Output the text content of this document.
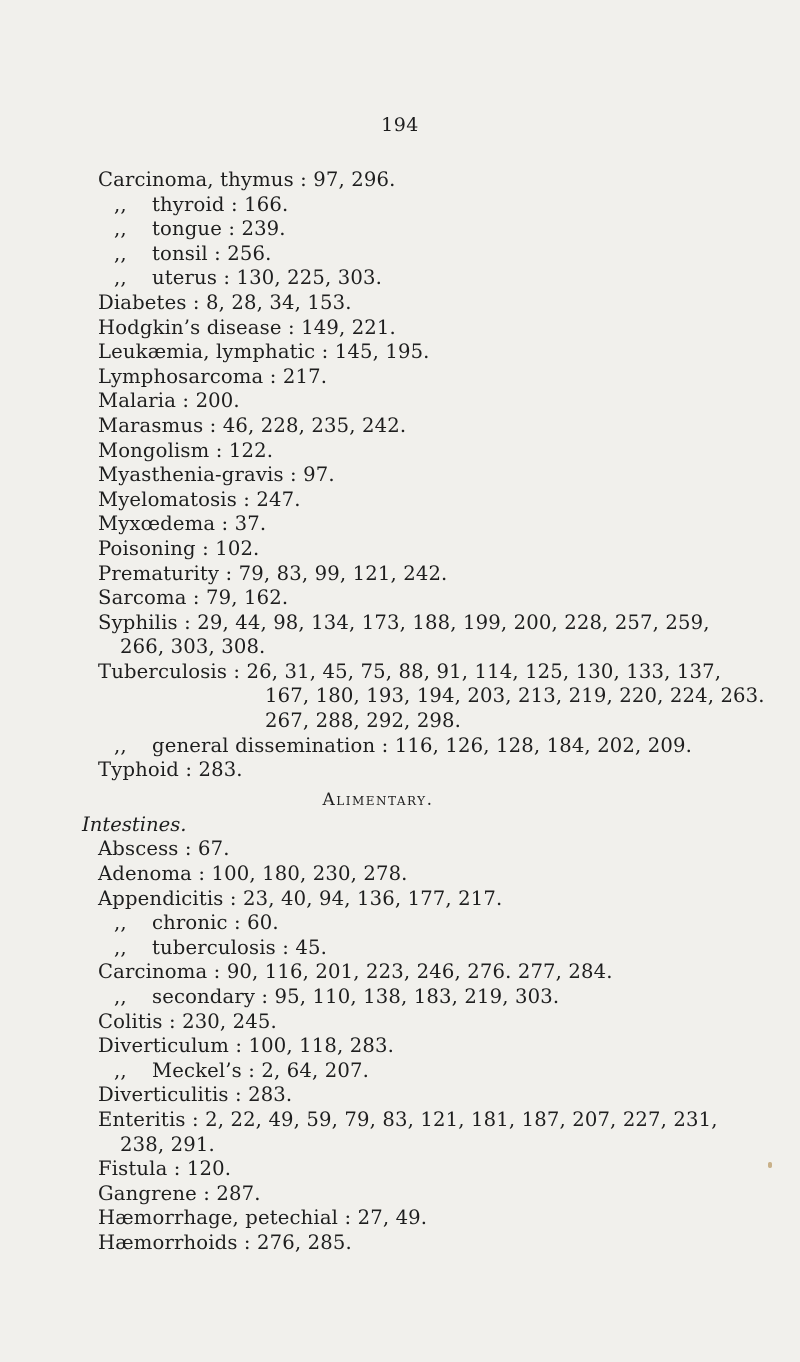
194
Carcinoma, thymus : 97, 296.
,, thyroid : 166.
,, tongue : 239.
,, tonsil : 256.
,, uterus : 130, 225, 303.
Diabetes : 8, 28, 34, 153.
Hodgkin’s disease : 149, 221.
Leukæmia, lymphatic : 145, 195.
Lymphosarcoma : 217.
Malaria : 200.
Marasmus : 46, 228, 235, 242.
Mongolism : 122.
Myasthenia-gravis : 97.
Myelomatosis : 247.
Myxœdema : 37.
Poisoning : 102.
Prematurity : 79, 83, 99, 121, 242.
Sarcoma : 79, 162.
Syphilis : 29, 44, 98, 134, 173, 188, 199, 200, 228, 257, 259,
266, 303, 308.
Tuberculosis : 26, 31, 45, 75, 88, 91, 114, 125, 130, 133, 137,
167, 180, 193, 194, 203, 213, 219, 220, 224, 263.
267, 288, 292, 298.
,, general dissemination : 116, 126, 128, 184, 202, 209.
Typhoid : 283.
Alimentary.
Intestines.
Abscess : 67.
Adenoma : 100, 180, 230, 278.
Appendicitis : 23, 40, 94, 136, 177, 217.
,, chronic : 60.
,, tuberculosis : 45.
Carcinoma : 90, 116, 201, 223, 246, 276. 277, 284.
,, secondary : 95, 110, 138, 183, 219, 303.
Colitis : 230, 245.
Diverticulum : 100, 118, 283.
,, Meckel’s : 2, 64, 207.
Diverticulitis : 283.
Enteritis : 2, 22, 49, 59, 79, 83, 121, 181, 187, 207, 227, 231,
238, 291.
Fistula : 120.
Gangrene : 287.
Hæmorrhage, petechial : 27, 49.
Hæmorrhoids : 276, 285.
